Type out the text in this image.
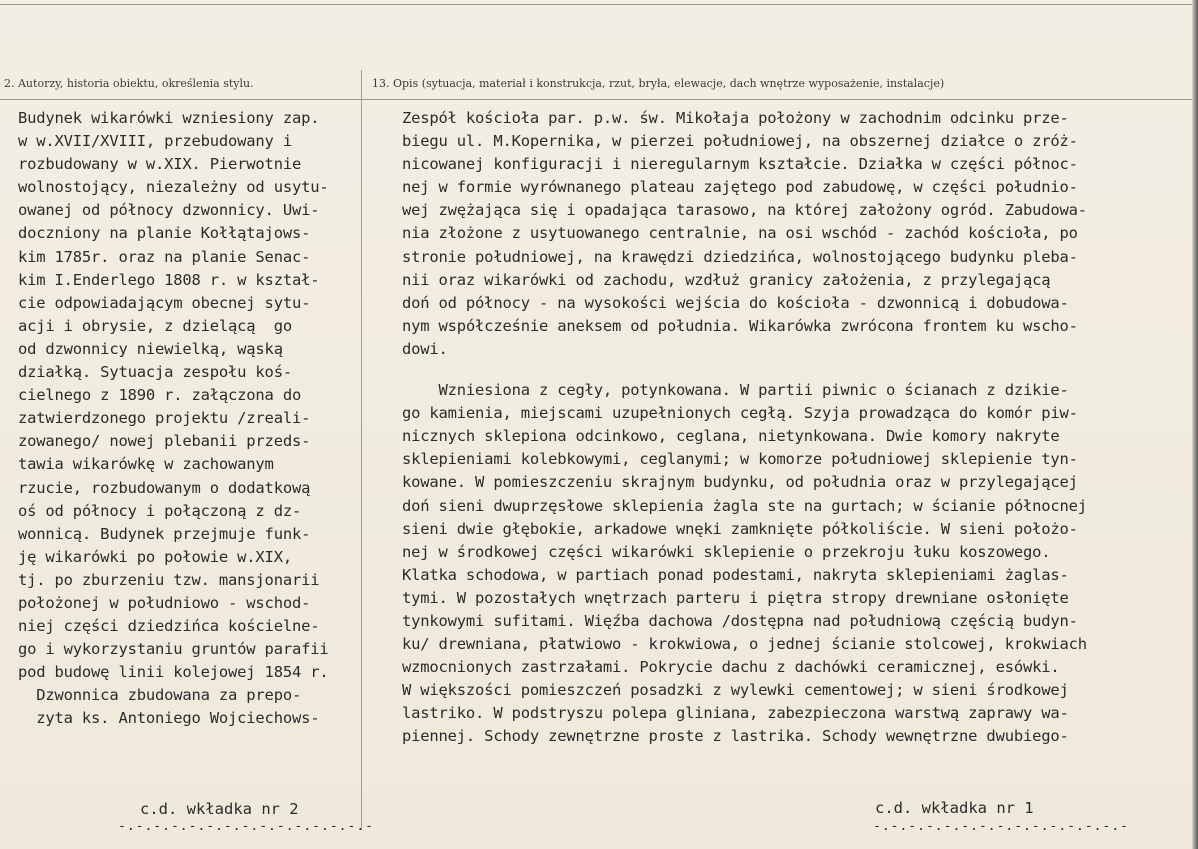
2. Autorzy, historia obiektu, określenia stylu.	13. Opis (sytuacja, materiał i konstrukcja, rzut, bryła, elewacje, dach wnętrze wyposażenie, instalacje)
Budynek wikarówki wzniesiony zap.
w w.XVII/XVIII, przebudowany i
rozbudowany w w.XIX. Pierwotnie
wolnostojący, niezależny od usytu-
owanej od północy dzwonnicy. Uwi-
doczniony na planie Kołłątajows-
kim 1785r. oraz na planie Senac-
kim I.Enderlego 1808 r. w kształ-
cie odpowiadającym obecnej sytu-
acji i obrysie, z dzielącą  go
od dzwonnicy niewielką, wąską
działką. Sytuacja zespołu koś-
cielnego z 1890 r. załączona do
zatwierdzonego projektu /zreali-
zowanego/ nowej plebanii przeds-
tawia wikarówkę w zachowanym
rzucie, rozbudowanym o dodatkową
oś od północy i połączoną z dz-
wonnicą. Budynek przejmuje funk-
ję wikarówki po połowie w.XIX,
tj. po zburzeniu tzw. mansjonarii
położonej w południowo - wschod-
niej części dziedzińca kościelne-
go i wykorzystaniu gruntów parafii
pod budowę linii kolejowej 1854 r.
Dzwonnica zbudowana za prepo-
zyta ks. Antoniego Wojciechows-
c.d. wkładka nr 2
-.-.-.-.-.-.-.-.-.-.-.-.-.-.-
Zespół kościoła par. p.w. św. Mikołaja położony w zachodnim odcinku prze-
biegu ul. M.Kopernika, w pierzei południowej, na obszernej działce o zróż-
nicowanej konfiguracji i nieregularnym kształcie. Działka w części północ-
nej w formie wyrównanego plateau zajętego pod zabudowę, w części południo-
wej zwężająca się i opadająca tarasowo, na której założony ogród. Zabudowa-
nia złożone z usytuowanego centralnie, na osi wschód - zachód kościoła, po
stronie południowej, na krawędzi dziedzińca, wolnostojącego budynku pleba-
nii oraz wikarówki od zachodu, wzdłuż granicy założenia, z przylegającą
doń od północy - na wysokości wejścia do kościoła - dzwonnicą i dobudowa-
nym współcześnie aneksem od południa. Wikarówka zwrócona frontem ku wscho-
dowi.
Wzniesiona z cegły, potynkowana. W partii piwnic o ścianach z dzikie-
go kamienia, miejscami uzupełnionych cegłą. Szyja prowadząca do komór piw-
nicznych sklepiona odcinkowo, ceglana, nietynkowana. Dwie komory nakryte
sklepieniami kolebkowymi, ceglanymi; w komorze południowej sklepienie tyn-
kowane. W pomieszczeniu skrajnym budynku, od południa oraz w przylegającej
doń sieni dwuprzęsłowe sklepienia żagla ste na gurtach; w ścianie północnej
sieni dwie głębokie, arkadowe wnęki zamknięte półkoliście. W sieni położo-
nej w środkowej części wikarówki sklepienie o przekroju łuku koszowego.
Klatka schodowa, w partiach ponad podestami, nakryta sklepieniami żaglas-
tymi. W pozostałych wnętrzach parteru i piętra stropy drewniane osłonięte
tynkowymi sufitami. Więźba dachowa /dostępna nad południową częścią budyn-
ku/ drewniana, płatwiowo - krokwiowa, o jednej ścianie stolcowej, krokwiach
wzmocnionych zastrzałami. Pokrycie dachu z dachówki ceramicznej, esówki.
W większości pomieszczeń posadzki z wylewki cementowej; w sieni środkowej
lastriko. W podstryszu polepa gliniana, zabezpieczona warstwą zaprawy wa-
piennej. Schody zewnętrzne proste z lastrika. Schody wewnętrzne dwubiego-
c.d. wkładka nr 1
-.-.-.-.-.-.-.-.-.-.-.-.-.-.-
